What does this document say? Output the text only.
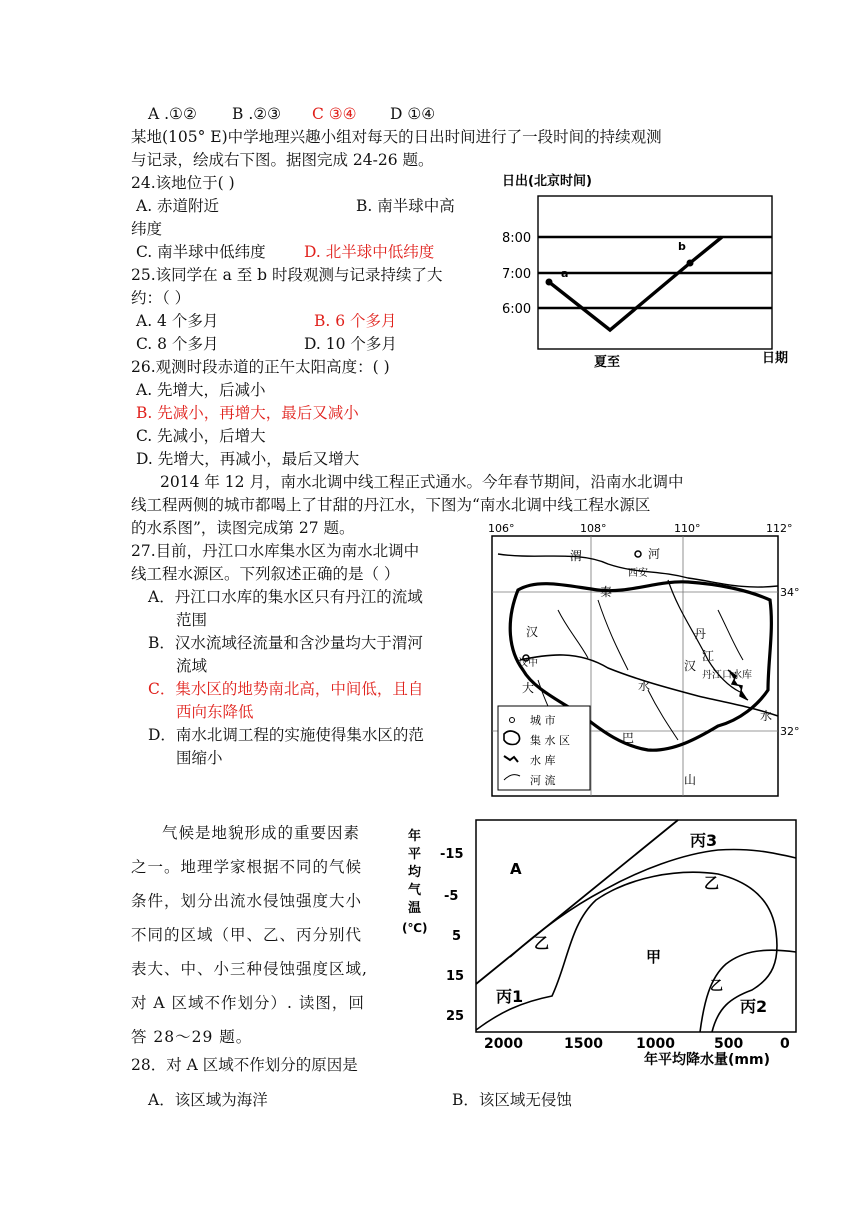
A .①② B .②③ C ③④ D ①④
某地(105° E)中学地理兴趣小组对每天的日出时间进行了一段时间的持续观测
与记录，绘成右下图。据图完成 24-26 题。
24.该地位于( )
A. 赤道附近	B. 南半球中高
纬度
C. 南半球中低纬度 D. 北半球中低纬度
25.该同学在 a 至 b 时段观测与记录持续了大
约：（ ）
A. 4 个多月	B. 6 个多月
C. 8 个多月	D. 10 个多月
26.观测时段赤道的正午太阳高度：( )
A. 先增大，后减小
B. 先减小，再增大，最后又减小
C. 先减小，后增大
D. 先增大，再减小，最后又增大
2014 年 12 月，南水北调中线工程正式通水。今年春节期间，沿南水北调中
线工程两侧的城市都喝上了甘甜的丹江水，下图为“南水北调中线工程水源区
的水系图”，读图完成第 27 题。
27.目前，丹江口水库集水区为南水北调中
线工程水源区。下列叙述正确的是（ ）
A．丹江口水库的集水区只有丹江的流域
范围
B．汉水流域径流量和含沙量均大于渭河
流域
C．集水区的地势南北高，中间低，且自
西向东降低
D．南水北调工程的实施使得集水区的范
围缩小
气候是地貌形成的重要因素
之一。地理学家根据不同的气候
条件，划分出流水侵蚀强度大小
不同的区域（甲、乙、丙分别代
表大、中、小三种侵蚀强度区域,
对 A 区域不作划分）. 读图，回
答 28～29 题。
28．对 A 区域不作划分的原因是
A．该区域为海洋	B．该区域无侵蚀
日出(北京时间)
8:00
7:00
6:00
a
b
夏至	日期
106°	108°	110°	112°
34°
32°
渭	河
西安
秦
汉
汉中
丹
江
水
汉
丹江口水库
水
大
巴
山
城 市
集 水 区
水 库
河 流
年
平
均
气
温
(℃)
-15
-5
5
15
25
2000	1500 1000	500	0
年平均降水量(mm)
A
丙3
乙
甲
乙
丙1
乙
丙2
